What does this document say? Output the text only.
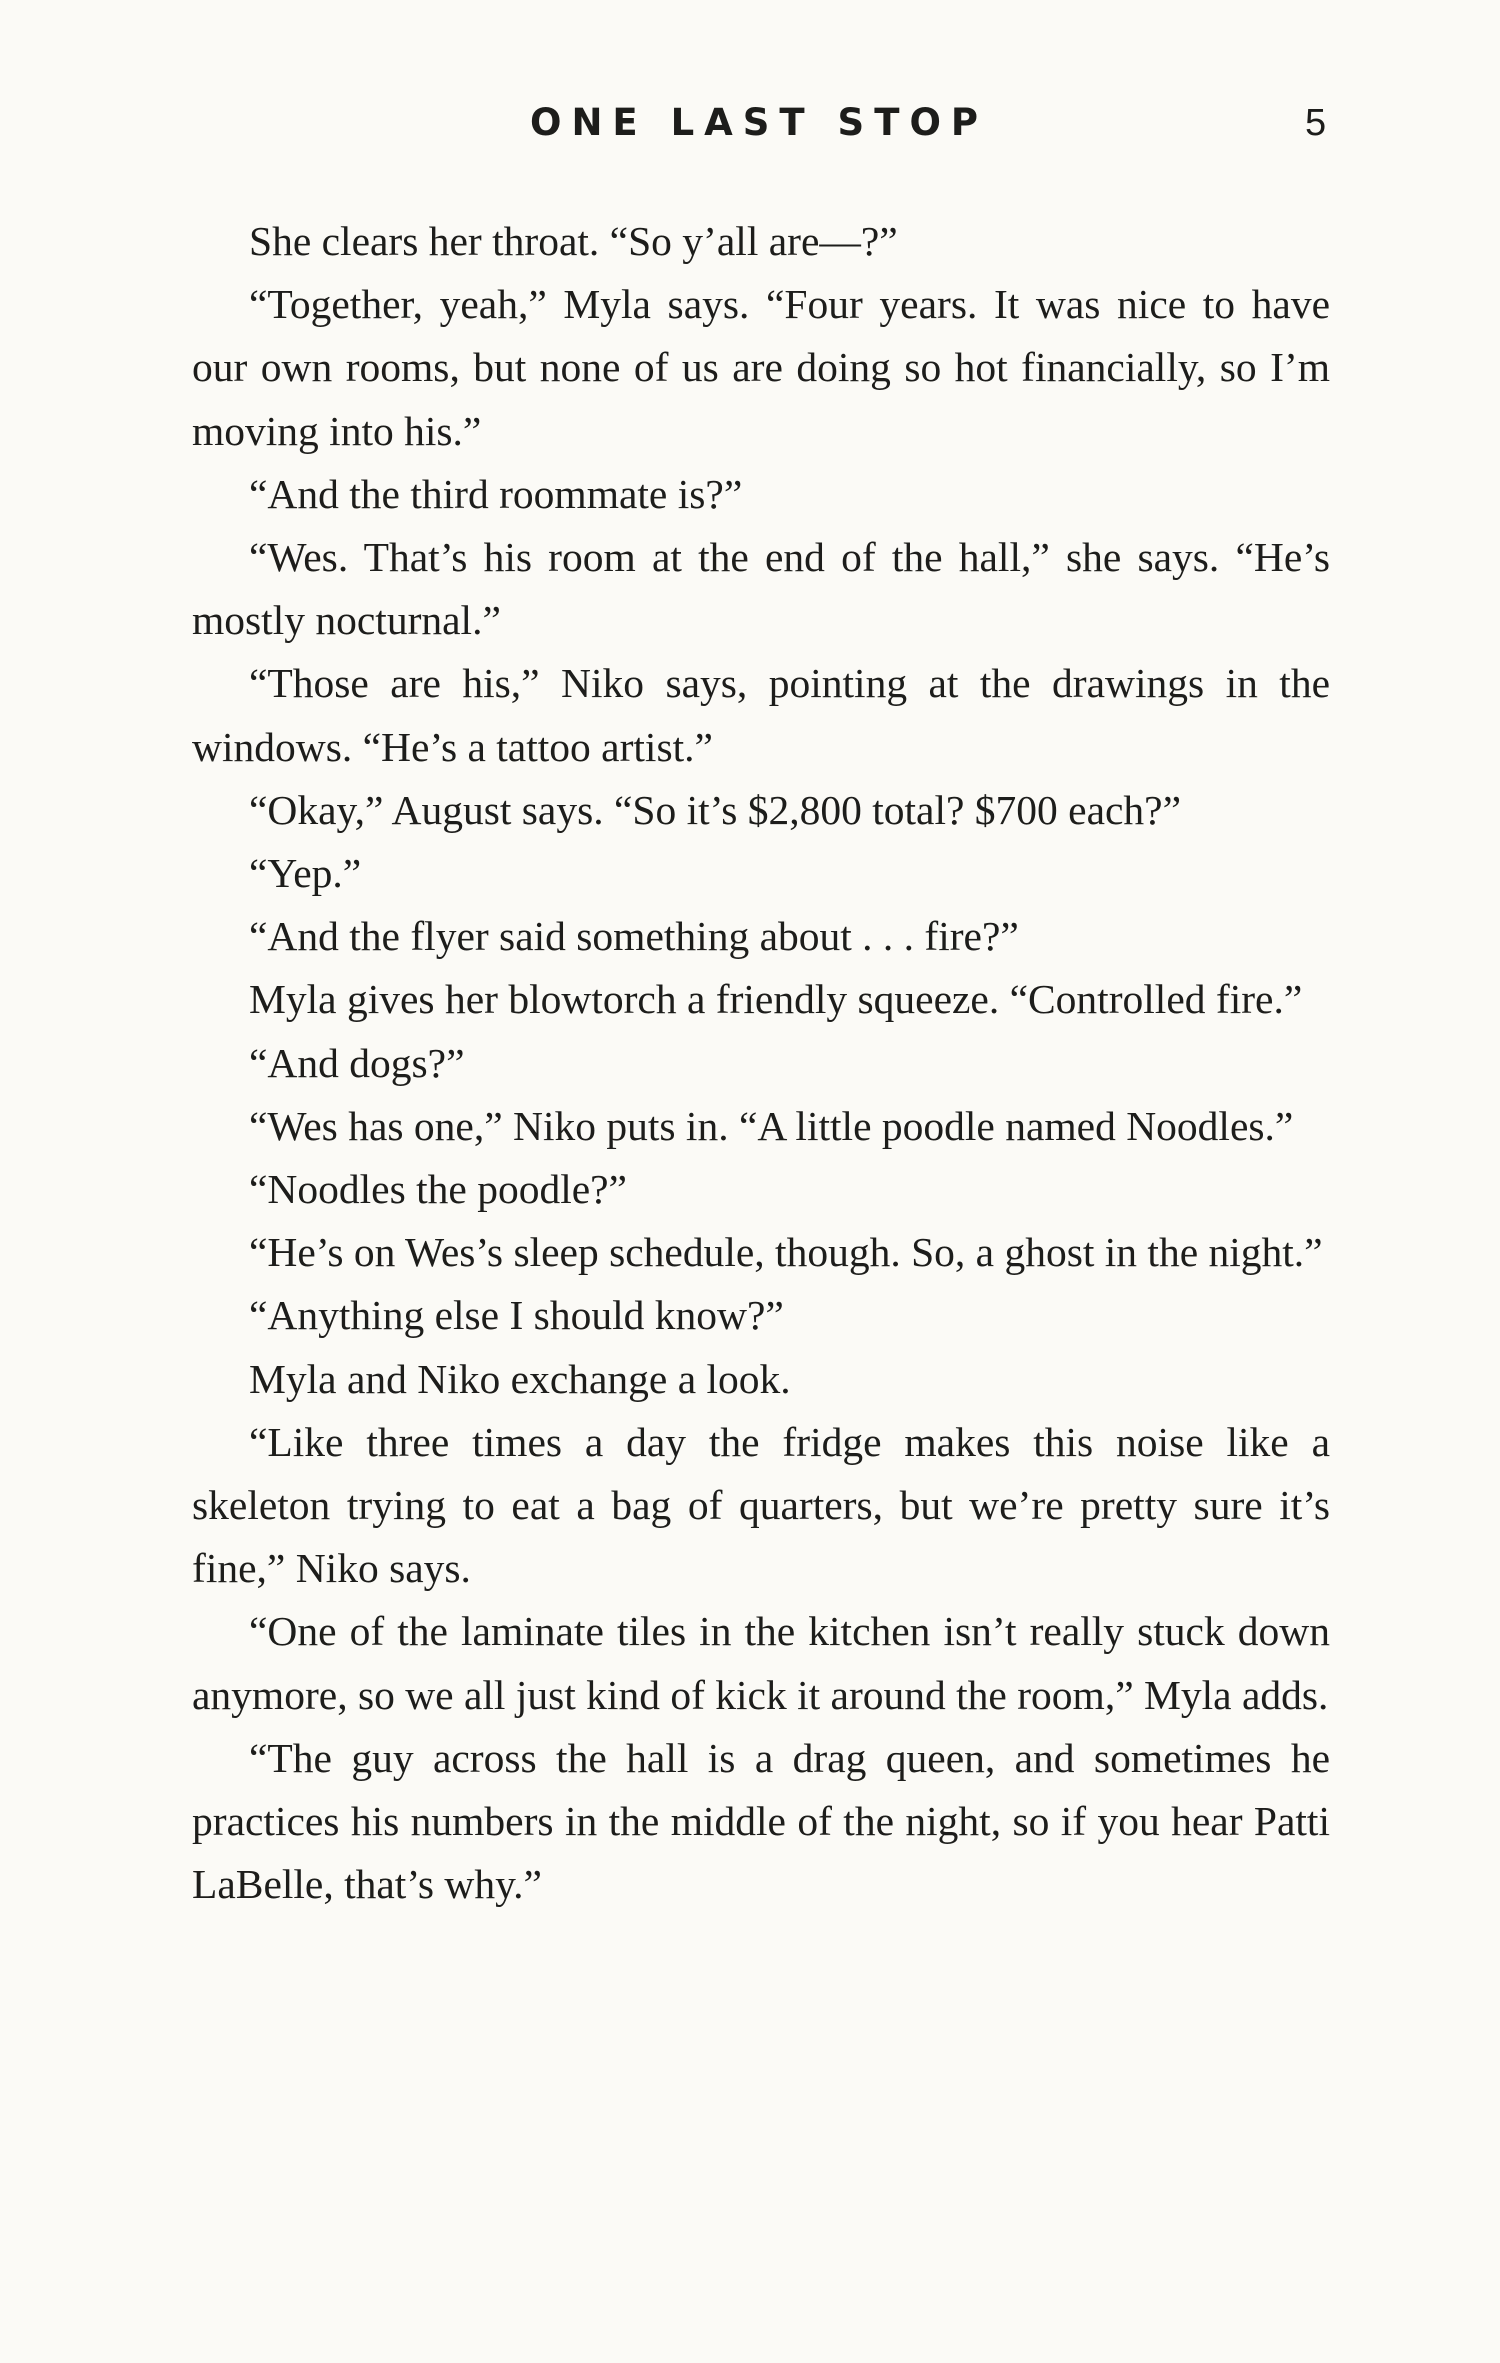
ONE LAST STOP	5

She clears her throat. “So y’all are—?”

“Together, yeah,” Myla says. “Four years. It was nice to have our own rooms, but none of us are doing so hot financially, so I’m moving into his.”

“And the third roommate is?”

“Wes. That’s his room at the end of the hall,” she says. “He’s mostly nocturnal.”

“Those are his,” Niko says, pointing at the drawings in the windows. “He’s a tattoo artist.”

“Okay,” August says. “So it’s $2,800 total? $700 each?”

“Yep.”

“And the flyer said something about . . . fire?”

Myla gives her blowtorch a friendly squeeze. “Controlled fire.”

“And dogs?”

“Wes has one,” Niko puts in. “A little poodle named Noodles.”

“Noodles the poodle?”

“He’s on Wes’s sleep schedule, though. So, a ghost in the night.”

“Anything else I should know?”

Myla and Niko exchange a look.

“Like three times a day the fridge makes this noise like a skeleton trying to eat a bag of quarters, but we’re pretty sure it’s fine,” Niko says.

“One of the laminate tiles in the kitchen isn’t really stuck down anymore, so we all just kind of kick it around the room,” Myla adds.

“The guy across the hall is a drag queen, and sometimes he practices his numbers in the middle of the night, so if you hear Patti LaBelle, that’s why.”
